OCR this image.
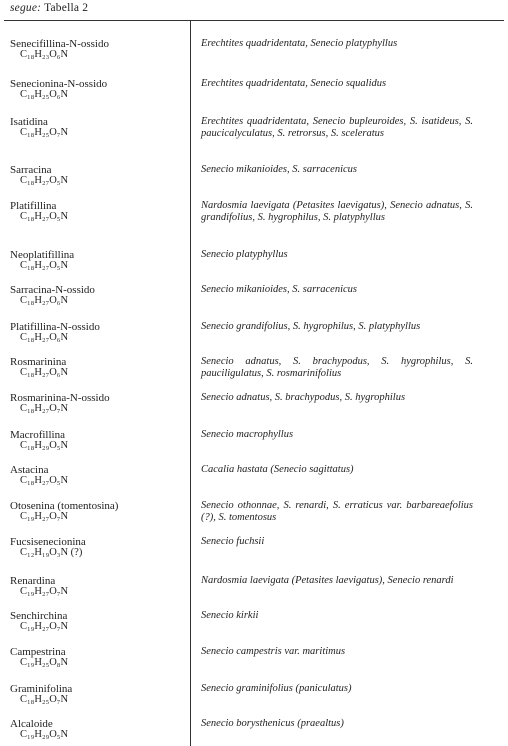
segue: Tabella 2
Senecifillina-N-ossido
C₁₈H₂₃O₆N
Erechtites quadridentata, Senecio platyphyllus
Senecionina-N-ossido
C₁₈H₂₅O₆N
Erechtites quadridentata, Senecio squalidus
Isatidina
C₁₈H₂₅O₇N
Erechtites quadridentata, Senecio bupleuroides, S. isatideus, S. paucicalyculatus, S. retrorsus, S. sceleratus
Sarracina
C₁₈H₂₇O₅N
Senecio mikanioides, S. sarracenicus
Platifillina
C₁₈H₂₇O₅N
Nardosmia laevigata (Petasites laevigatus), Senecio adnatus, S. grandifolius, S. hygrophilus, S. platyphyllus
Neoplatifillina
C₁₈H₂₇O₅N
Senecio platyphyllus
Sarracina-N-ossido
C₁₈H₂₇O₆N
Senecio mikanioides, S. sarracenicus
Platifillina-N-ossido
C₁₈H₂₇O₆N
Senecio grandifolius, S. hygrophilus, S. platyphyllus
Rosmarinina
C₁₈H₂₇O₆N
Senecio adnatus, S. brachypodus, S. hygrophilus, S. pauciligulatus, S. rosmarinifolius
Rosmarinina-N-ossido
C₁₈H₂₇O₇N
Senecio adnatus, S. brachypodus, S. hygrophilus
Macrofillina
C₁₈H₂₉O₅N
Senecio macrophyllus
Astacina
C₁₈H₂₇O₅N
Cacalia hastata (Senecio sagittatus)
Otosenina (tomentosina)
C₁₉H₂₇O₇N
Senecio othonnae, S. renardi, S. erraticus var. barbareaefolius (?), S. tomentosus
Fucsisenecionina
C₁₂H₁₉O₃N (?)
Senecio fuchsii
Renardina
C₁₉H₂₇O₇N
Nardosmia laevigata (Petasites laevigatus), Senecio renardi
Senchirchina
C₁₉H₂₇O₇N
Senecio kirkii
Campestrina
C₁₉H₂₅O₈N
Senecio campestris var. maritimus
Graminifolina
C₁₈H₂₅O₇N
Senecio graminifolius (paniculatus)
Alcaloide
C₁₉H₂₉O₅N
Senecio borysthenicus (praealtus)
